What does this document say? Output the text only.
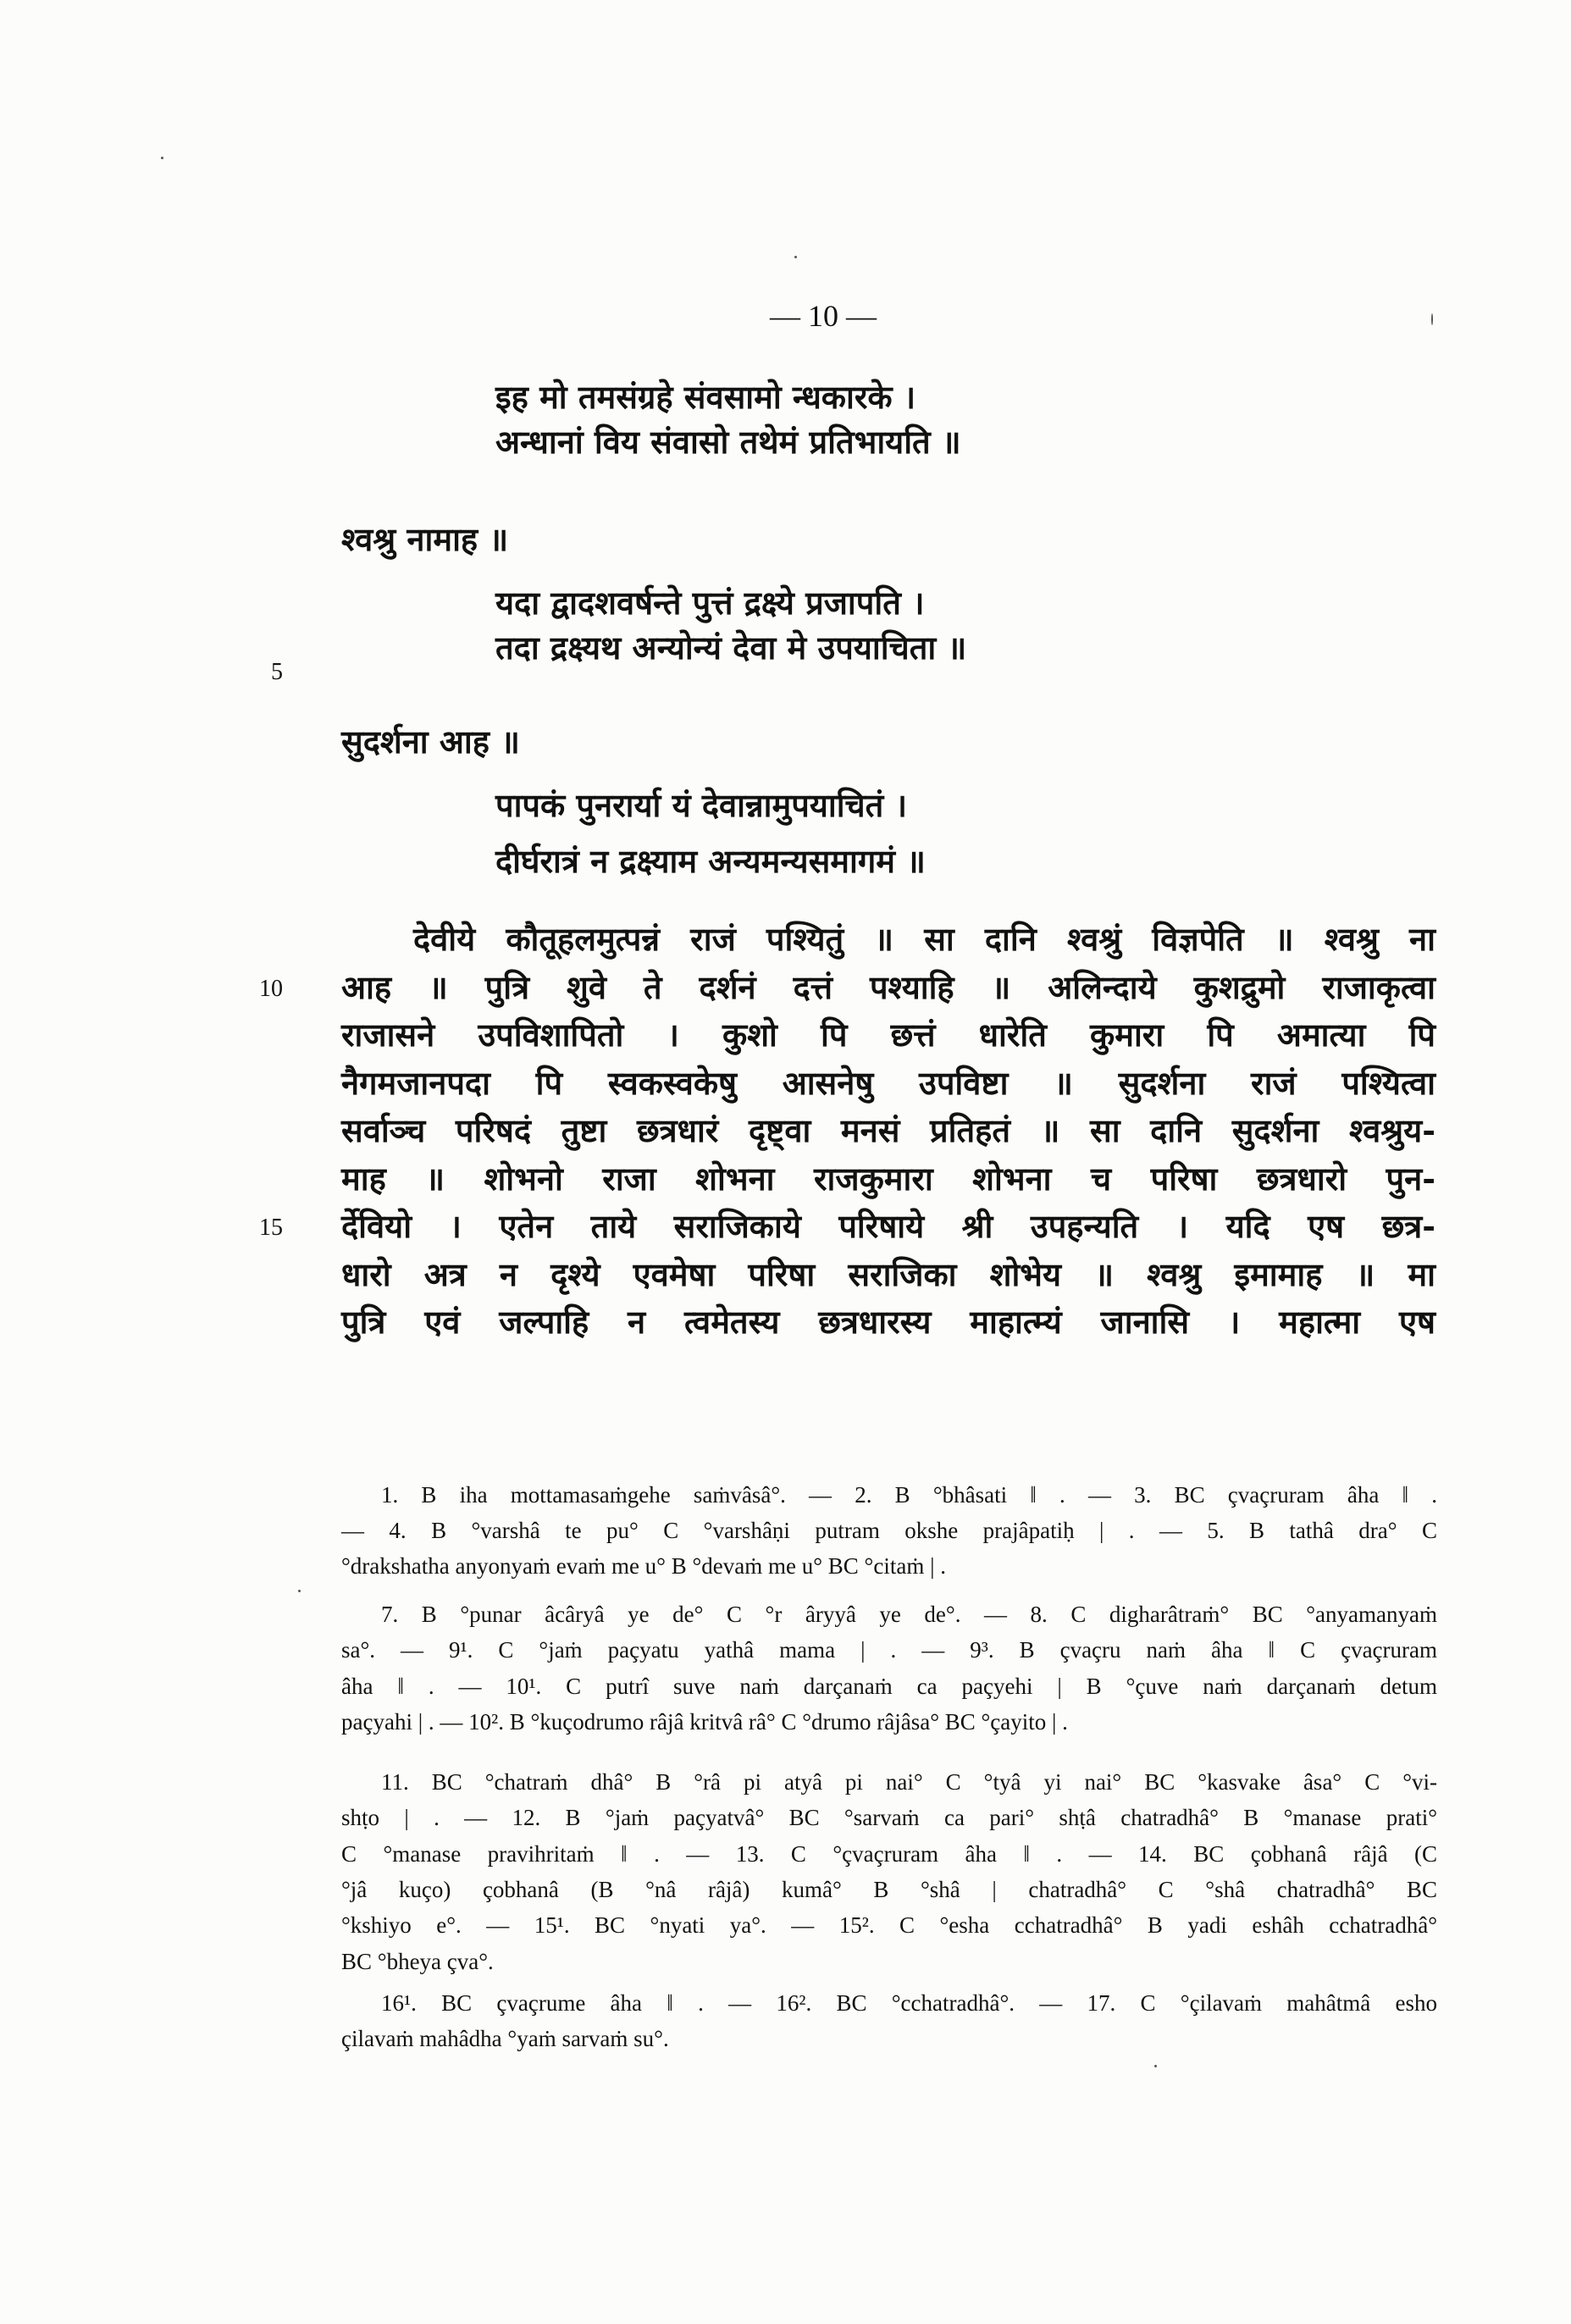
— 10 —
इह मो तमसंग्रहे संवसामो न्धकारके ।
अन्धानां विय संवासो तथेमं प्रतिभायति ॥
श्वश्रु नामाह ॥
यदा द्वादशवर्षन्ते पुत्तं द्रक्ष्ये प्रजापति ।
तदा द्रक्ष्यथ अन्योन्यं देवा मे उपयाचिता ॥
5
सुदर्शना आह ॥
पापकं पुनरार्या यं देवान्नामुपयाचितं ।
दीर्घरात्रं न द्रक्ष्याम अन्यमन्यसमागमं ॥
देवीये कौतूहलमुत्पन्नं राजं पश्यितुं ॥ सा दानि श्वश्रुं विज्ञपेति ॥ श्वश्रु ना
10 आह ॥ पुत्रि शुवे ते दर्शनं दत्तं पश्याहि ॥ अलिन्दाये कुशद्रुमो राजाकृत्वा
राजासने उपविशापितो । कुशो पि छत्तं धारेति कुमारा पि अमात्या पि
नैगमजानपदा पि स्वकस्वकेषु आसनेषु उपविष्टा ॥ सुदर्शना राजं पश्यित्वा
सर्वाञ्च परिषदं तुष्टा छत्रधारं दृष्ट्वा मनसं प्रतिहतं ॥ सा दानि सुदर्शना श्वश्रुय-
माह ॥ शोभनो राजा शोभना राजकुमारा शोभना च परिषा छत्रधारो पुन-
15 र्देवियो । एतेन ताये सराजिकाये परिषाये श्री उपहन्यति । यदि एष छत्र-
धारो अत्र न दृश्ये एवमेषा परिषा सराजिका शोभेय ॥ श्वश्रु इमामाह ॥ मा
पुत्रि एवं जल्पाहि न त्वमेतस्य छत्रधारस्य माहात्म्यं जानासि । महात्मा एष
1. B iha mottamasaṁgehe saṁvâsâ°. — 2. B °bhâsati ‖ . — 3. BC çvaçruram âha ‖ .
— 4. B °varshâ te pu° C °varshâṇi putram okshe prajâpatiḥ | . — 5. B tathâ dra° C
°drakshatha anyonyaṁ evaṁ me u° B °devaṁ me u° BC °citaṁ | .
7. B °punar âcâryâ ye de° C °r âryyâ ye de°. — 8. C digharâtraṁ° BC °anyamanyaṁ
sa°. — 9¹. C °jaṁ paçyatu yathâ mama | . — 9³. B çvaçru naṁ âha ‖ C çvaçruram
âha ‖ . — 10¹. C putrî suve naṁ darçanaṁ ca paçyehi | B °çuve naṁ darçanaṁ detum
paçyahi | . — 10². B °kuçodrumo râjâ kritvâ râ° C °drumo râjâsa° BC °çayito | .
11. BC °chatraṁ dhâ° B °râ pi atyâ pi nai° C °tyâ yi nai° BC °kasvake âsa° C °vi-
shṭo | . — 12. B °jaṁ paçyatvâ° BC °sarvaṁ ca pari° shṭâ chatradhâ° B °manase prati°
C °manase pravihritaṁ ‖ . — 13. C °çvaçruram âha ‖ . — 14. BC çobhanâ râjâ (C
°jâ kuço) çobhanâ (B °nâ râjâ) kumâ° B °shâ | chatradhâ° C °shâ chatradhâ° BC
°kshiyo e°. — 15¹. BC °nyati ya°. — 15². C °esha cchatradhâ° B yadi eshâh cchatradhâ°
BC °bheya çva°.
16¹. BC çvaçrume âha ‖ . — 16². BC °cchatradhâ°. — 17. C °çilavaṁ mahâtmâ esho
çilavaṁ mahâdha °yaṁ sarvaṁ su°.
